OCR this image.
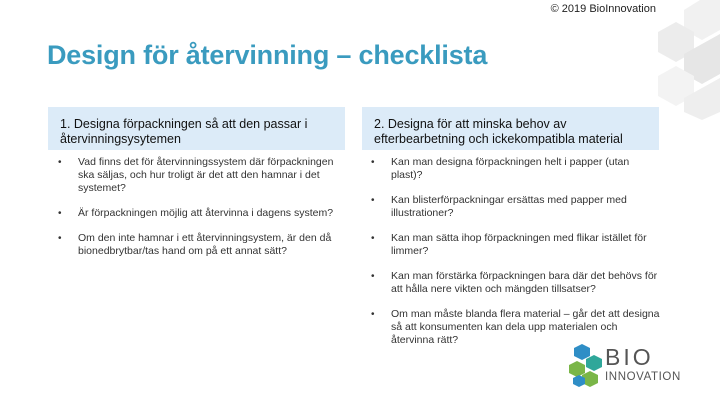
© 2019 BioInnovation
Design för återvinning – checklista
1. Designa förpackningen så att den passar i återvinningsysytemen
2. Designa för att minska behov av efterbearbetning och ickekompatibla material
• Vad finns det för återvinningssystem där förpackningen ska säljas, och hur troligt är det att den hamnar i det systemet?
• Är förpackningen möjlig att återvinna i dagens system?
• Om den inte hamnar i ett återvinningsystem, är den då bionedbrytbar/tas hand om på ett annat sätt?
• Kan man designa förpackningen helt i papper (utan plast)?
• Kan blisterförpackningar ersättas med papper med illustrationer?
• Kan man sätta ihop förpackningen med flikar istället för limmer?
• Kan man förstärka förpackningen bara där det behövs för att hålla nere vikten och mängden tillsatser?
• Om man måste blanda flera material – går det att designa så att konsumenten kan dela upp materialen och återvinna rätt?
BIO
INNOVATION
